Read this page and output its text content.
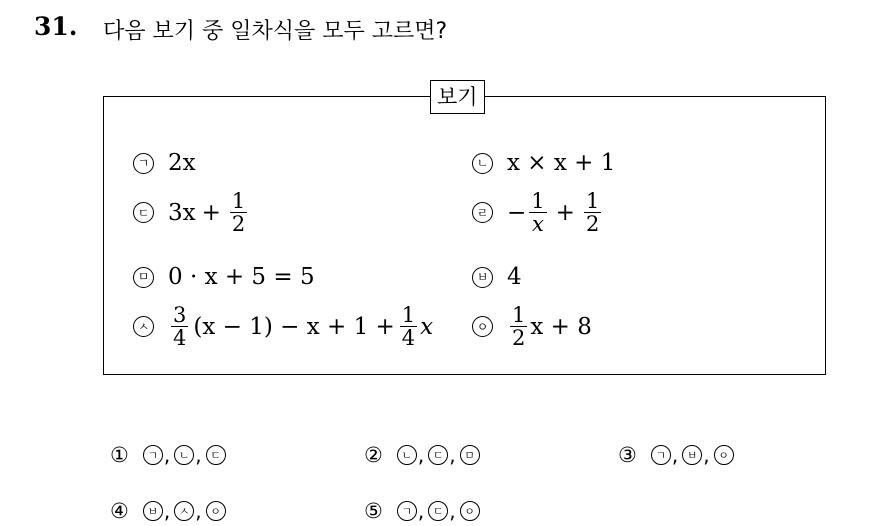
31. 다음 보기 중 일차식을 모두 고르면?
보기
ㄱ 2x	ㄴ x × x + 1
ㄷ $3x + \frac{1}{2}$	ㄹ − $\frac{1}{x} + \frac{1}{2}$
ㅁ 0 · x + 5 = 5	ㅂ 4
ㅅ $\frac{3}{4} (x - 1) - x + 1 + \frac{1}{4}$ x	ㅇ $\frac{1}{2}$ x + 8
①	ㄱ , ㄴ , ㄷ	②	ㄴ , ㄷ , ㅁ	③	ㄱ , ㅂ , ㅇ
④	ㅂ , ㅅ , ㅇ	⑤	ㄱ , ㄷ , ㅇ
